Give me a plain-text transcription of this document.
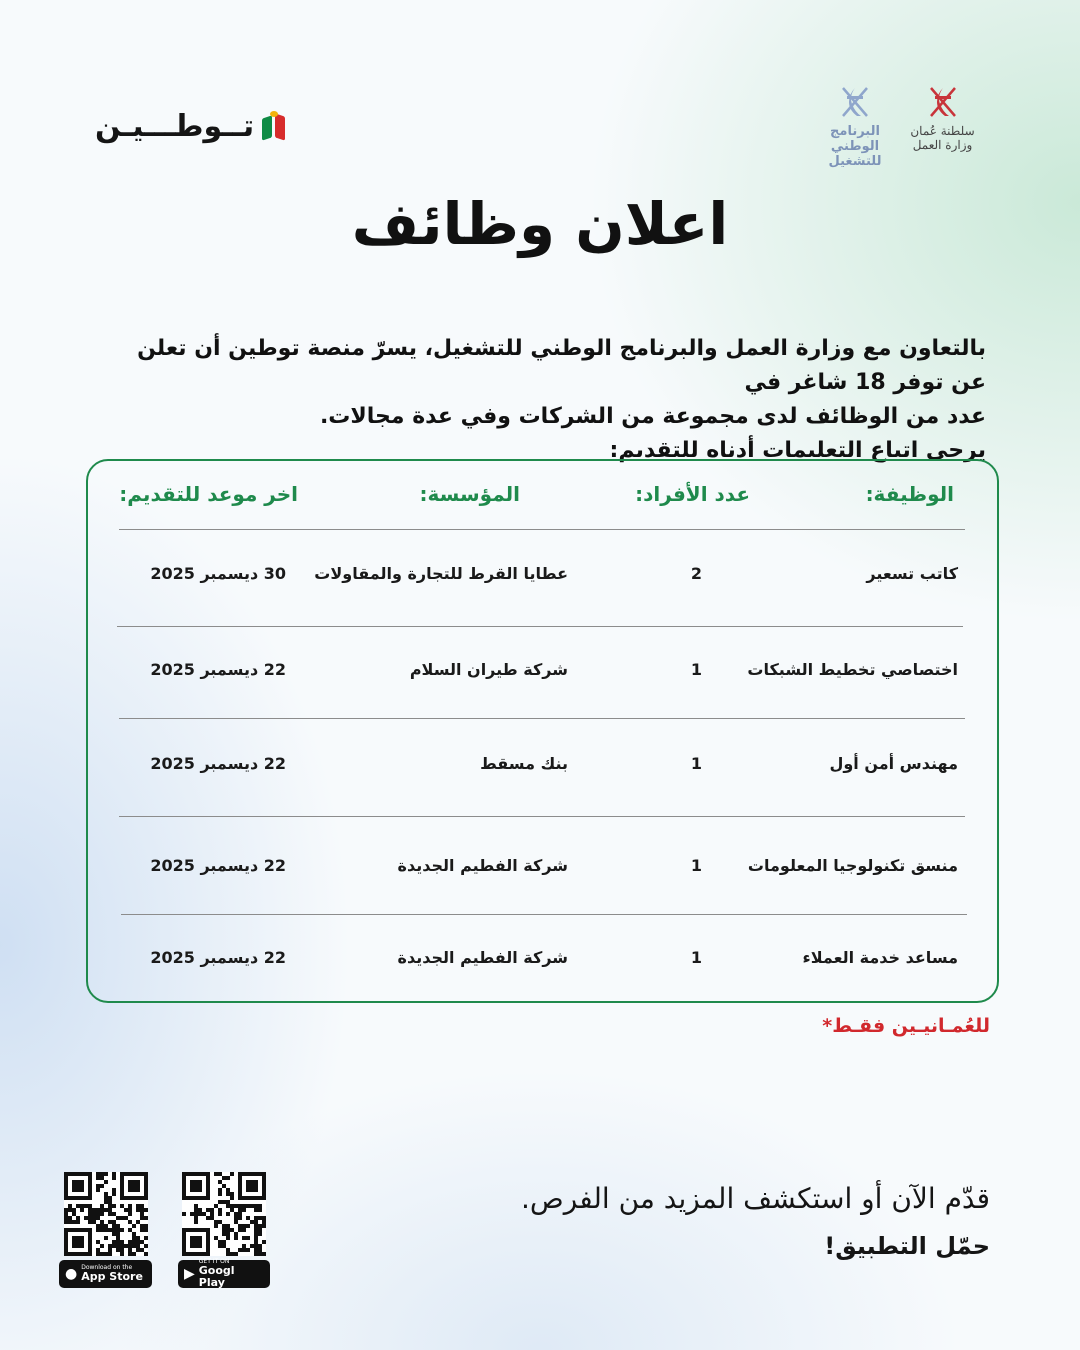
تــوطـــيـن	البرنامج الوطني
للتشغيل
سلطنة عُمان
وزارة العمل
اعلان وظائف

بالتعاون مع وزارة العمل والبرنامج الوطني للتشغيل، يسرّ منصة توطين أن تعلن عن توفر 18 شاغر في

عدد من الوظائف لدى مجموعة من الشركات وفي عدة مجالات.

يرجى اتباع التعليمات أدناه للتقديم:

الوظيفة:
عدد الأفراد:
المؤسسة:
اخر موعد للتقديم:
كاتب تسعير
2
عطايا القرط للتجارة والمقاولات
30 ديسمبر 2025
اختصاصي تخطيط الشبكات
1
شركة طيران السلام
22 ديسمبر 2025
مهندس أمن أول
1
بنك مسقط
22 ديسمبر 2025
منسق تكنولوجيا المعلومات
1
شركة الفطيم الجديدة
22 ديسمبر 2025
مساعد خدمة العملاء
1
شركة الفطيم الجديدة
22 ديسمبر 2025
للعُمـانيـين فقـط*
قدّم الآن أو استكشف المزيد من الفرص.
حمّل التطبيق!
▶
GET IT ON
Googl Play
● Download on the
App Store
